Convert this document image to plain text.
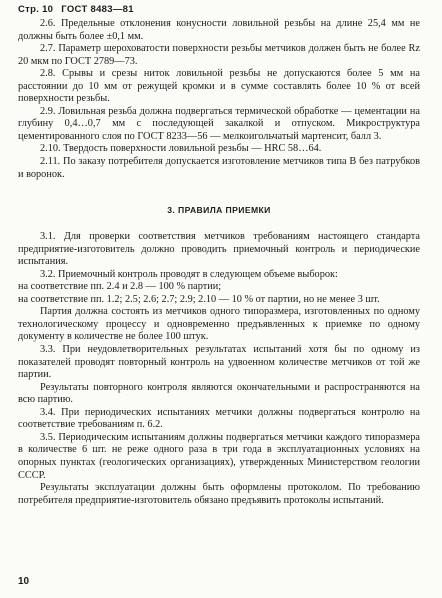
Стр. 10 ГОСТ 8483—81

2.6. Предельные отклонения конусности ловильной резьбы на длине 25,4 мм не должны быть более ±0,1 мм.

2.7. Параметр шероховатости поверхности резьбы метчиков должен быть не более Rz 20 мкм по ГОСТ 2789—73.

2.8. Срывы и срезы ниток ловильной резьбы не допускаются более 5 мм на расстоянии до 10 мм от режущей кромки и в сумме составлять более 10 % от всей поверхности резьбы.

2.9. Ловильная резьба должна подвергаться термической обработке — цементации на глубину 0,4…0,7 мм с последующей закалкой и отпуском. Микроструктура цементированного слоя по ГОСТ 8233—56 — мелкоигольчатый мартенсит, балл 3.

2.10. Твердость поверхности ловильной резьбы — HRC 58…64.

2.11. По заказу потребителя допускается изготовление метчиков типа В без патрубков и воронок.

3. ПРАВИЛА ПРИЕМКИ

3.1. Для проверки соответствия метчиков требованиям настоящего стандарта предприятие-изготовитель должно проводить приемочный контроль и периодические испытания.

3.2. Приемочный контроль проводят в следующем объеме выборок:

на соответствие пп. 2.4 и 2.8 — 100 % партии;

на соответствие пп. 1.2; 2.5; 2.6; 2.7; 2.9; 2.10 — 10 % от партии, но не менее 3 шт.

Партия должна состоять из метчиков одного типоразмера, изготовленных по одному технологическому процессу и одновременно предъявленных к приемке по одному документу в количестве не более 100 штук.

3.3. При неудовлетворительных результатах испытаний хотя бы по одному из показателей проводят повторный контроль на удвоенном количестве метчиков от той же партии.

Результаты повторного контроля являются окончательными и распространяются на всю партию.

3.4. При периодических испытаниях метчики должны подвергаться контролю на соответствие требованиям п. 6.2.

3.5. Периодическим испытаниям должны подвергаться метчики каждого типоразмера в количестве 6 шт. не реже одного раза в три года в эксплуатационных условиях на опорных пунктах (геологических организациях), утвержденных Министерством геологии СССР.

Результаты эксплуатации должны быть оформлены протоколом. По требованию потребителя предприятие-изготовитель обязано предъявить протоколы испытаний.

10
